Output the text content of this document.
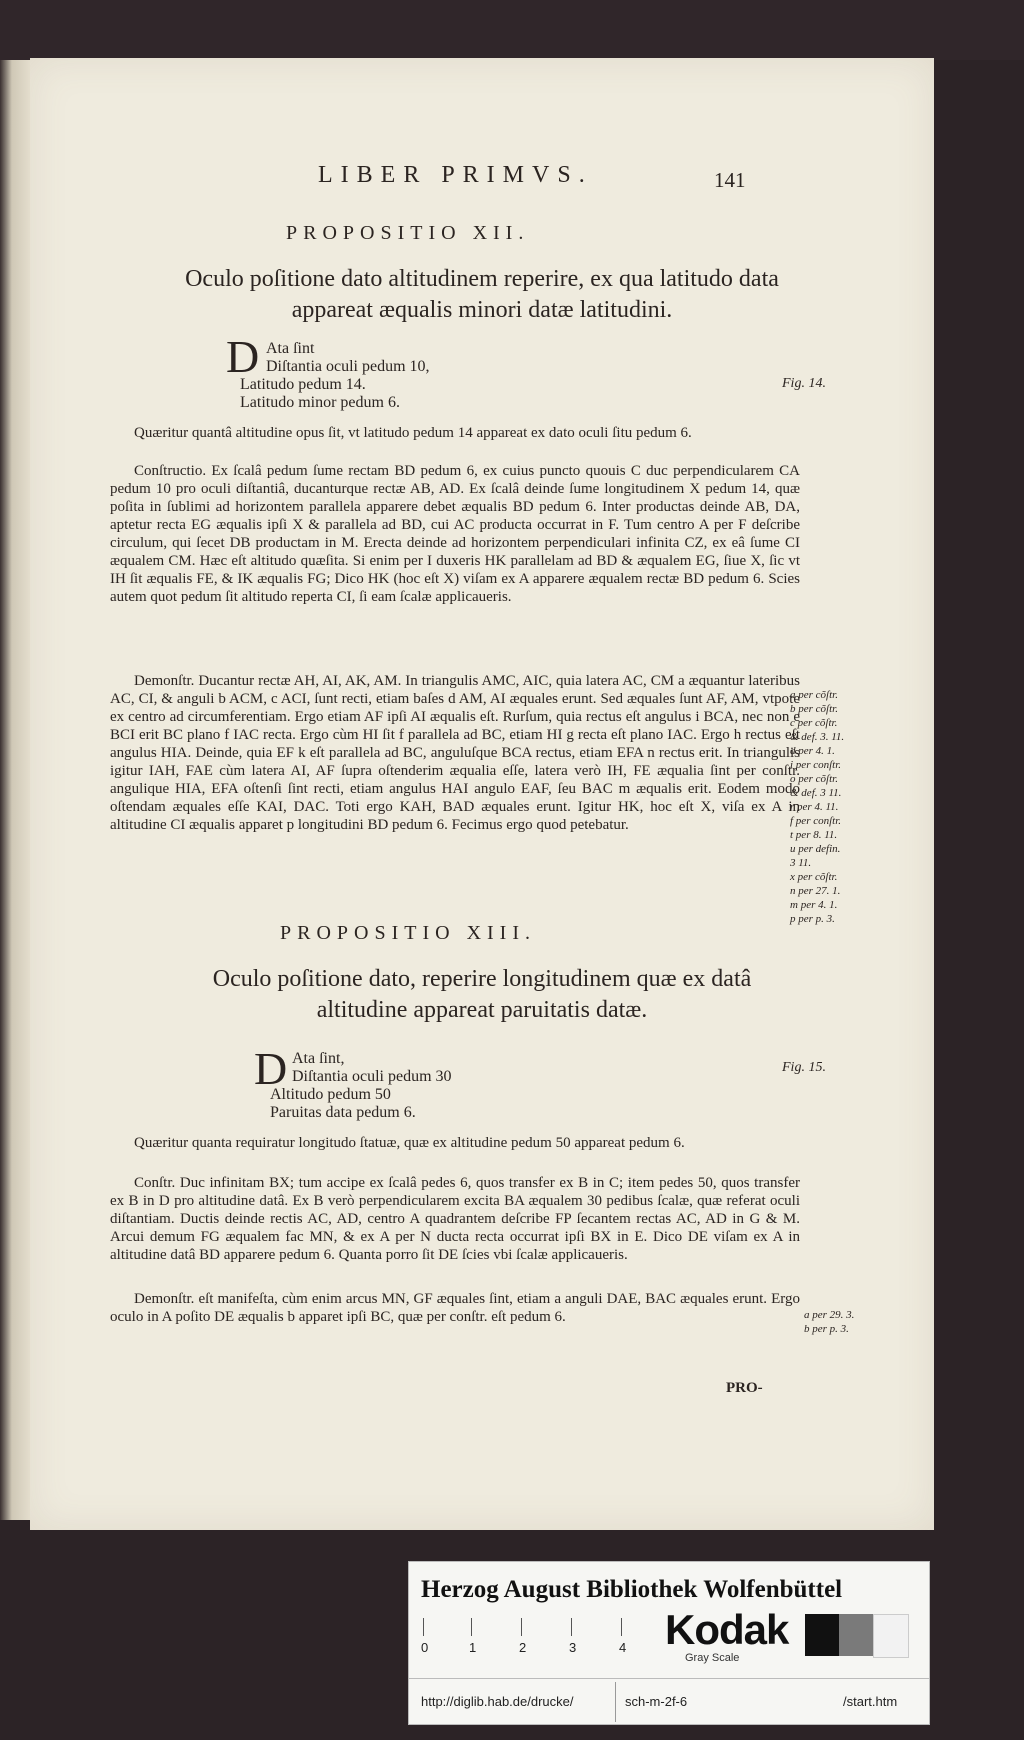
LIBER PRIMVS.	141
PROPOSITIO XII.
Oculo poſitione dato altitudinem reperire, ex qua latitudo data
appareat æqualis minori datæ latitudini.
D Ata ſint
Diſtantia oculi pedum 10,
Latitudo pedum 14.
Latitudo minor pedum 6.
Fig. 14.
Quæritur quantâ altitudine opus ſit, vt latitudo pedum 14 appareat ex dato oculi ſitu pedum 6.
Conſtructio. Ex ſcalâ pedum ſume rectam BD pedum 6, ex cuius puncto quouis C duc perpendicularem CA pedum 10 pro oculi diſtantiâ, ducanturque rectæ AB, AD. Ex ſcalâ deinde ſume longitudinem X pedum 14, quæ poſita in ſublimi ad horizontem parallela apparere debet æqualis BD pedum 6. Inter productas deinde AB, DA, aptetur recta EG æqualis ipſi X & parallela ad BD, cui AC producta occurrat in F. Tum centro A per F deſcribe circulum, qui ſecet DB productam in M. Erecta deinde ad horizontem perpendiculari infinita CZ, ex eâ ſume CI æqualem CM. Hæc eſt altitudo quæſita. Si enim per I duxeris HK parallelam ad BD & æqualem EG, ſiue X, ſic vt IH ſit æqualis FE, & IK æqualis FG; Dico HK (hoc eſt X) viſam ex A apparere æqualem rectæ BD pedum 6. Scies autem quot pedum ſit altitudo reperta CI, ſi eam ſcalæ applicaueris.
Demonſtr. Ducantur rectæ AH, AI, AK, AM. In triangulis AMC, AIC, quia latera AC, CM a æquantur lateribus AC, CI, & anguli b ACM, c ACI, ſunt recti, etiam baſes d AM, AI æquales erunt. Sed æquales ſunt AF, AM, vtpote ex centro ad circumferentiam. Ergo etiam AF ipſi AI æqualis eſt. Rurſum, quia rectus eſt angulus i BCA, nec non e BCI erit BC plano f IAC recta. Ergo cùm HI ſit f parallela ad BC, etiam HI g recta eſt plano IAC. Ergo h rectus eſt angulus HIA. Deinde, quia EF k eſt parallela ad BC, anguluſque BCA rectus, etiam EFA n rectus erit. In triangulis igitur IAH, FAE cùm latera AI, AF ſupra oſtenderim æqualia eſſe, latera verò IH, FE æqualia ſint per conſtr. anguliquе HIA, EFA oſtenſi ſint recti, etiam angulus HAI angulo EAF, ſeu BAC m æqualis erit. Eodem modo oſtendam æquales eſſe KAI, DAC. Toti ergo KAH, BAD æquales erunt. Igitur HK, hoc eſt X, viſa ex A in altitudine CI æqualis apparet p longitudini BD pedum 6. Fecimus ergo quod petebatur.
a per cõſtr.
b per cõſtr.
c per cõſtr.
& def. 3. 11.
d per 4. 1.
i per conſtr.
o per cõſtr.
& def. 3 11.
r per 4. 11.
f per conſtr.
t per 8. 11.
u per defin.
3 11.
x per cõſtr.
n per 27. 1.
m per 4. 1.
p per p. 3.
PROPOSITIO XIII.
Oculo poſitione dato, reperire longitudinem quæ ex datâ
altitudine appareat paruitatis datæ.
D Ata ſint,
Diſtantia oculi pedum 30
Altitudo pedum 50
Paruitas data pedum 6.
Fig. 15.
Quæritur quanta requiratur longitudo ſtatuæ, quæ ex altitudine pedum 50 appareat pedum 6.
Conſtr. Duc infinitam BX; tum accipe ex ſcalâ pedes 6, quos transfer ex B in C; item pedes 50, quos transfer ex B in D pro altitudine datâ. Ex B verò perpendicularem excita BA æqualem 30 pedibus ſcalæ, quæ referat oculi diſtantiam. Ductis deinde rectis AC, AD, centro A quadrantem deſcribe FP ſecantem rectas AC, AD in G & M. Arcui demum FG æqualem fac MN, & ex A per N ducta recta occurrat ipſi BX in E. Dico DE viſam ex A in altitudine datâ BD apparere pedum 6. Quanta porro ſit DE ſcies vbi ſcalæ applicaueris.
Demonſtr. eſt manifeſta, cùm enim arcus MN, GF æquales ſint, etiam a anguli DAE, BAC æquales erunt. Ergo oculo in A poſito DE æqualis b apparet ipſi BC, quæ per conſtr. eſt pedum 6.	a per 29. 3.
b per p. 3.
PRO-
Herzog August Bibliothek Wolfenbüttel
0	1	2	3	4 Kodak
Gray Scale
http://diglib.hab.de/drucke/	sch-m-2f-6	/start.htm
